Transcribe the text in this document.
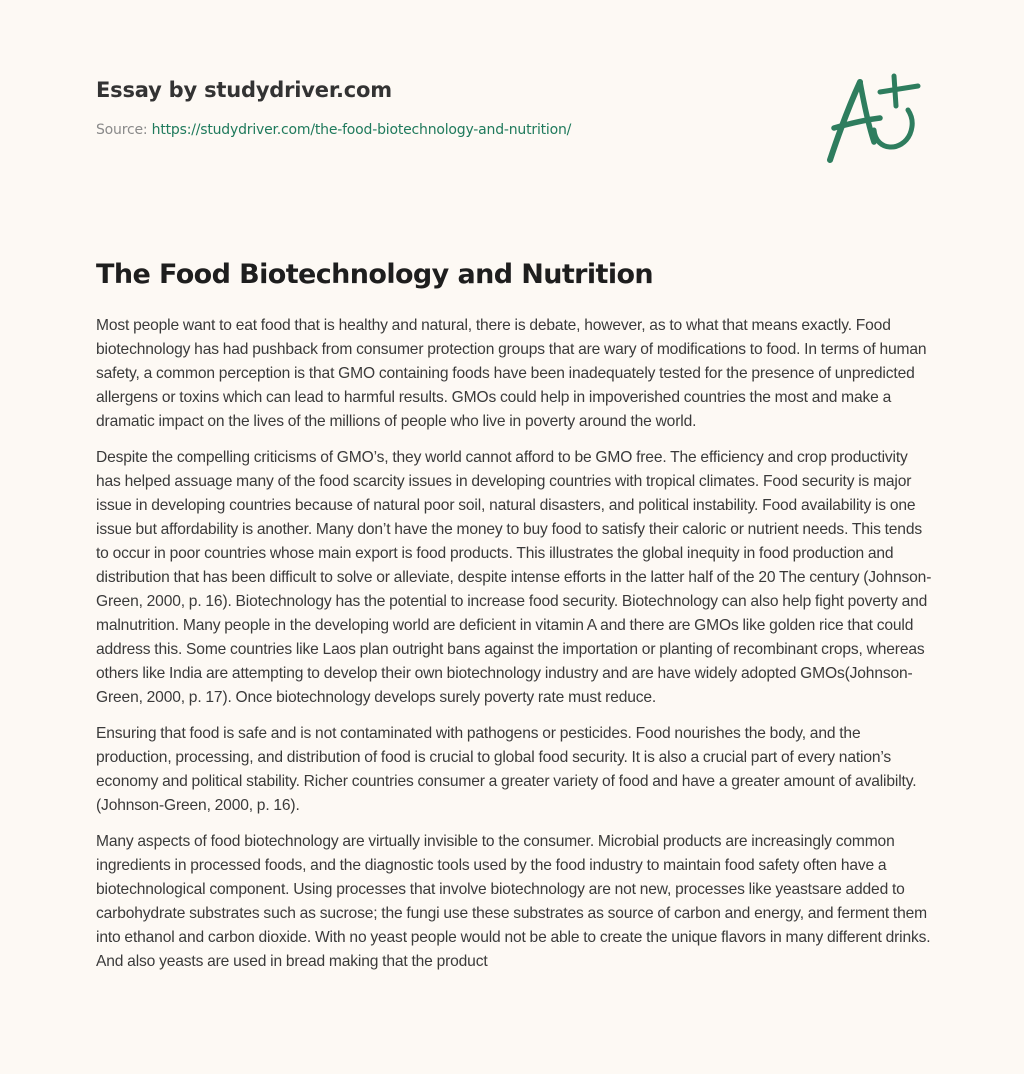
Essay by studydriver.com
Source: https://studydriver.com/the-food-biotechnology-and-nutrition/
The Food Biotechnology and Nutrition

Most people want to eat food that is healthy and natural, there is debate, however, as to what that means exactly. Food biotechnology has had pushback from consumer protection groups that are wary of modifications to food. In terms of human safety, a common perception is that GMO containing foods have been inadequately tested for the presence of unpredicted allergens or toxins which can lead to harmful results. GMOs could help in impoverished countries the most and make a dramatic impact on the lives of the millions of people who live in poverty around the world.

Despite the compelling criticisms of GMO’s, they world cannot afford to be GMO free. The efficiency and crop productivity has helped assuage many of the food scarcity issues in developing countries with tropical climates. Food security is major issue in developing countries because of natural poor soil, natural disasters, and political instability. Food availability is one issue but affordability is another. Many don’t have the money to buy food to satisfy their caloric or nutrient needs. This tends to occur in poor countries whose main export is food products. This illustrates the global inequity in food production and distribution that has been difficult to solve or alleviate, despite intense efforts in the latter half of the 20 The century (Johnson- Green, 2000, p. 16). Biotechnology has the potential to increase food security. Biotechnology can also help fight poverty and malnutrition. Many people in the developing world are deficient in vitamin A and there are GMOs like golden rice that could address this. Some countries like Laos plan outright bans against the importation or planting of recombinant crops, whereas others like India are attempting to develop their own biotechnology industry and are have widely adopted GMOs(Johnson-Green, 2000, p. 17). Once biotechnology develops surely poverty rate must reduce.

Ensuring that food is safe and is not contaminated with pathogens or pesticides. Food nourishes the body, and the production, processing, and distribution of food is crucial to global food security. It is also a crucial part of every nation’s economy and political stability. Richer countries consumer a greater variety of food and have a greater amount of avalibilty. (Johnson-Green, 2000, p. 16).

Many aspects of food biotechnology are virtually invisible to the consumer. Microbial products are increasingly common ingredients in processed foods, and the diagnostic tools used by the food industry to maintain food safety often have a biotechnological component. Using processes that involve biotechnology are not new, processes like yeastsare added to carbohydrate substrates such as sucrose; the fungi use these substrates as source of carbon and energy, and ferment them into ethanol and carbon dioxide. With no yeast people would not be able to create the unique flavors in many different drinks. And also yeasts are used in bread making that the product
